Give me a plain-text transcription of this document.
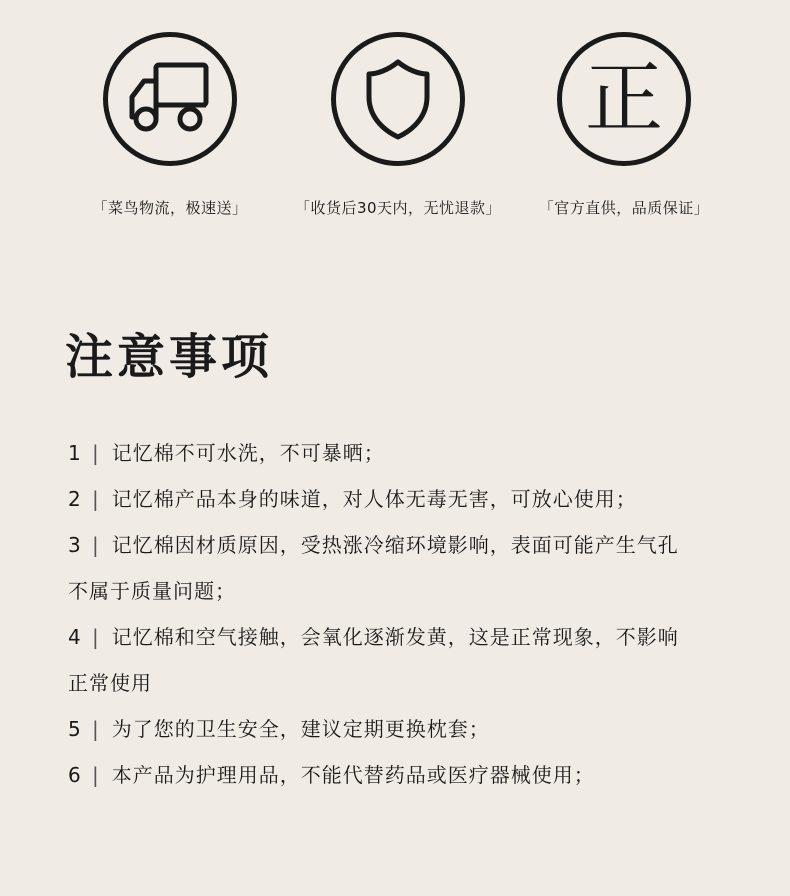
「菜鸟物流，极速送」	「收货后30天内，无忧退款」
正
「官方直供，品质保证」
注意事项
1 | 记忆棉不可水洗，不可暴晒；
2 | 记忆棉产品本身的味道，对人体无毒无害，可放心使用；
3 | 记忆棉因材质原因，受热涨冷缩环境影响，表面可能产生气孔
不属于质量问题；
4 | 记忆棉和空气接触，会氧化逐渐发黄，这是正常现象，不影响
正常使用
5 | 为了您的卫生安全，建议定期更换枕套；
6 | 本产品为护理用品，不能代替药品或医疗器械使用；
